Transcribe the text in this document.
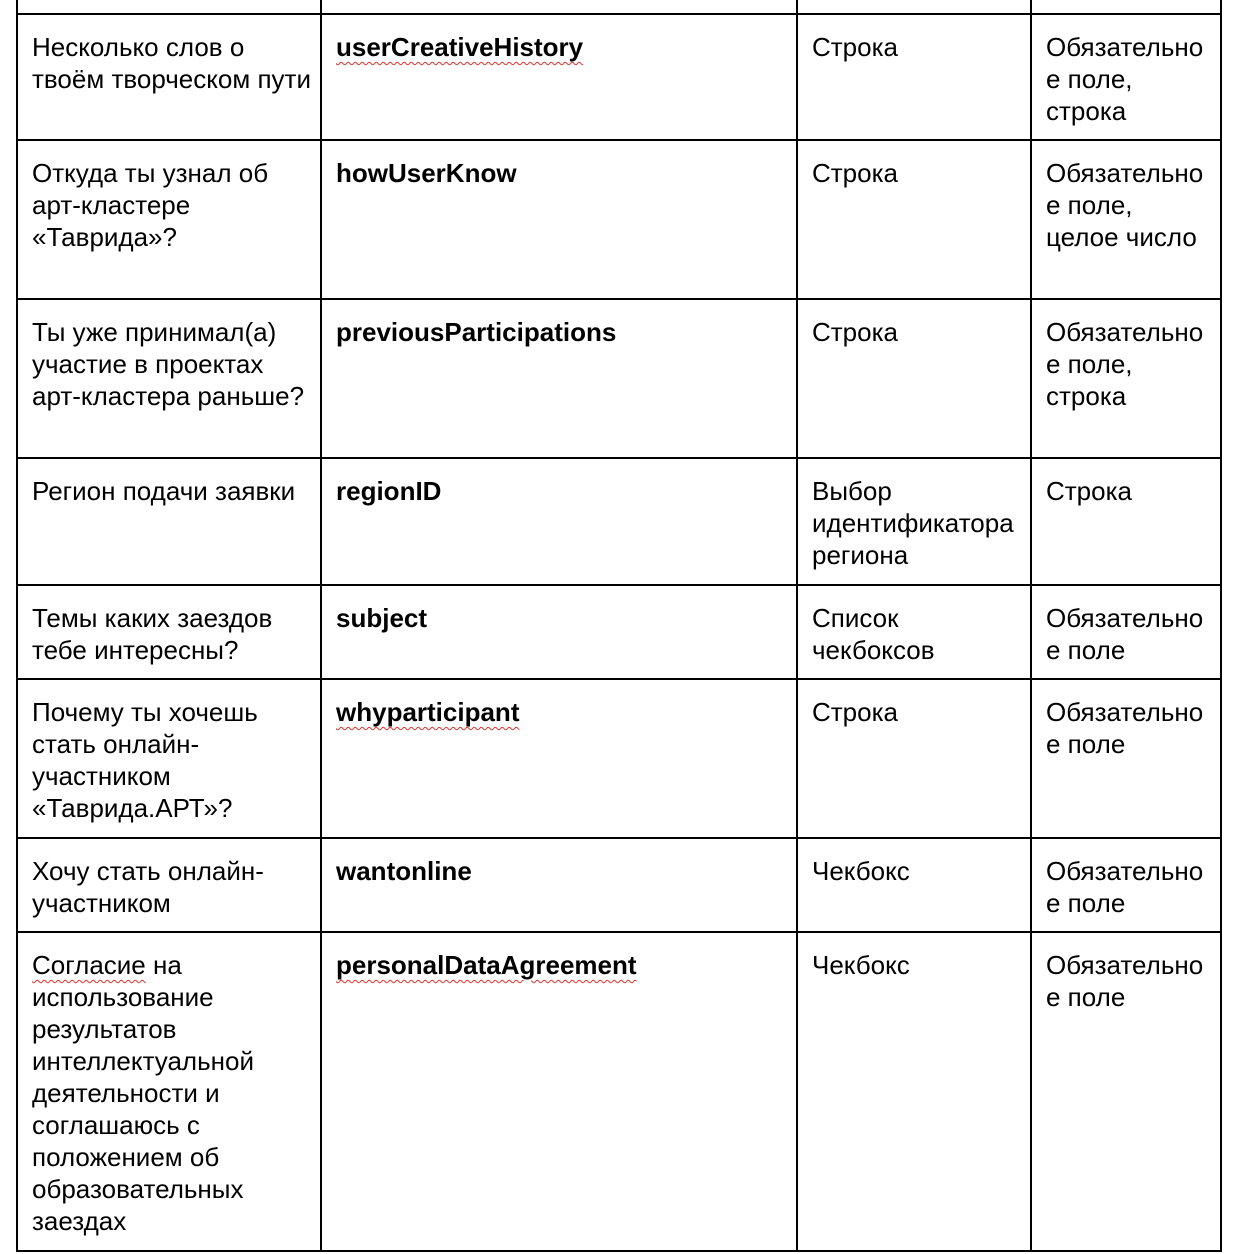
Несколько слов о твоём творческом пути	userCreativeHistory	Строка	Обязательное поле, строка
Откуда ты узнал об арт-кластере «Таврида»?	howUserKnow	Строка	Обязательное поле, целое число
Ты уже принимал(а) участие в проектах арт-кластера раньше?	previousParticipations	Строка	Обязательное поле, строка
Регион подачи заявки	regionID	Выбор идентификатора региона	Строка
Темы каких заездов тебе интересны?	subject	Список чекбоксов	Обязательное поле
Почему ты хочешь стать онлайн-участником «Таврида.АРТ»?	whyparticipant	Строка	Обязательное поле
Хочу стать онлайн-участником	wantonline	Чекбокс	Обязательное поле
Согласие на использование результатов интеллектуальной деятельности и соглашаюсь с положением об образовательных заездах	personalDataAgreement	Чекбокс	Обязательное поле
